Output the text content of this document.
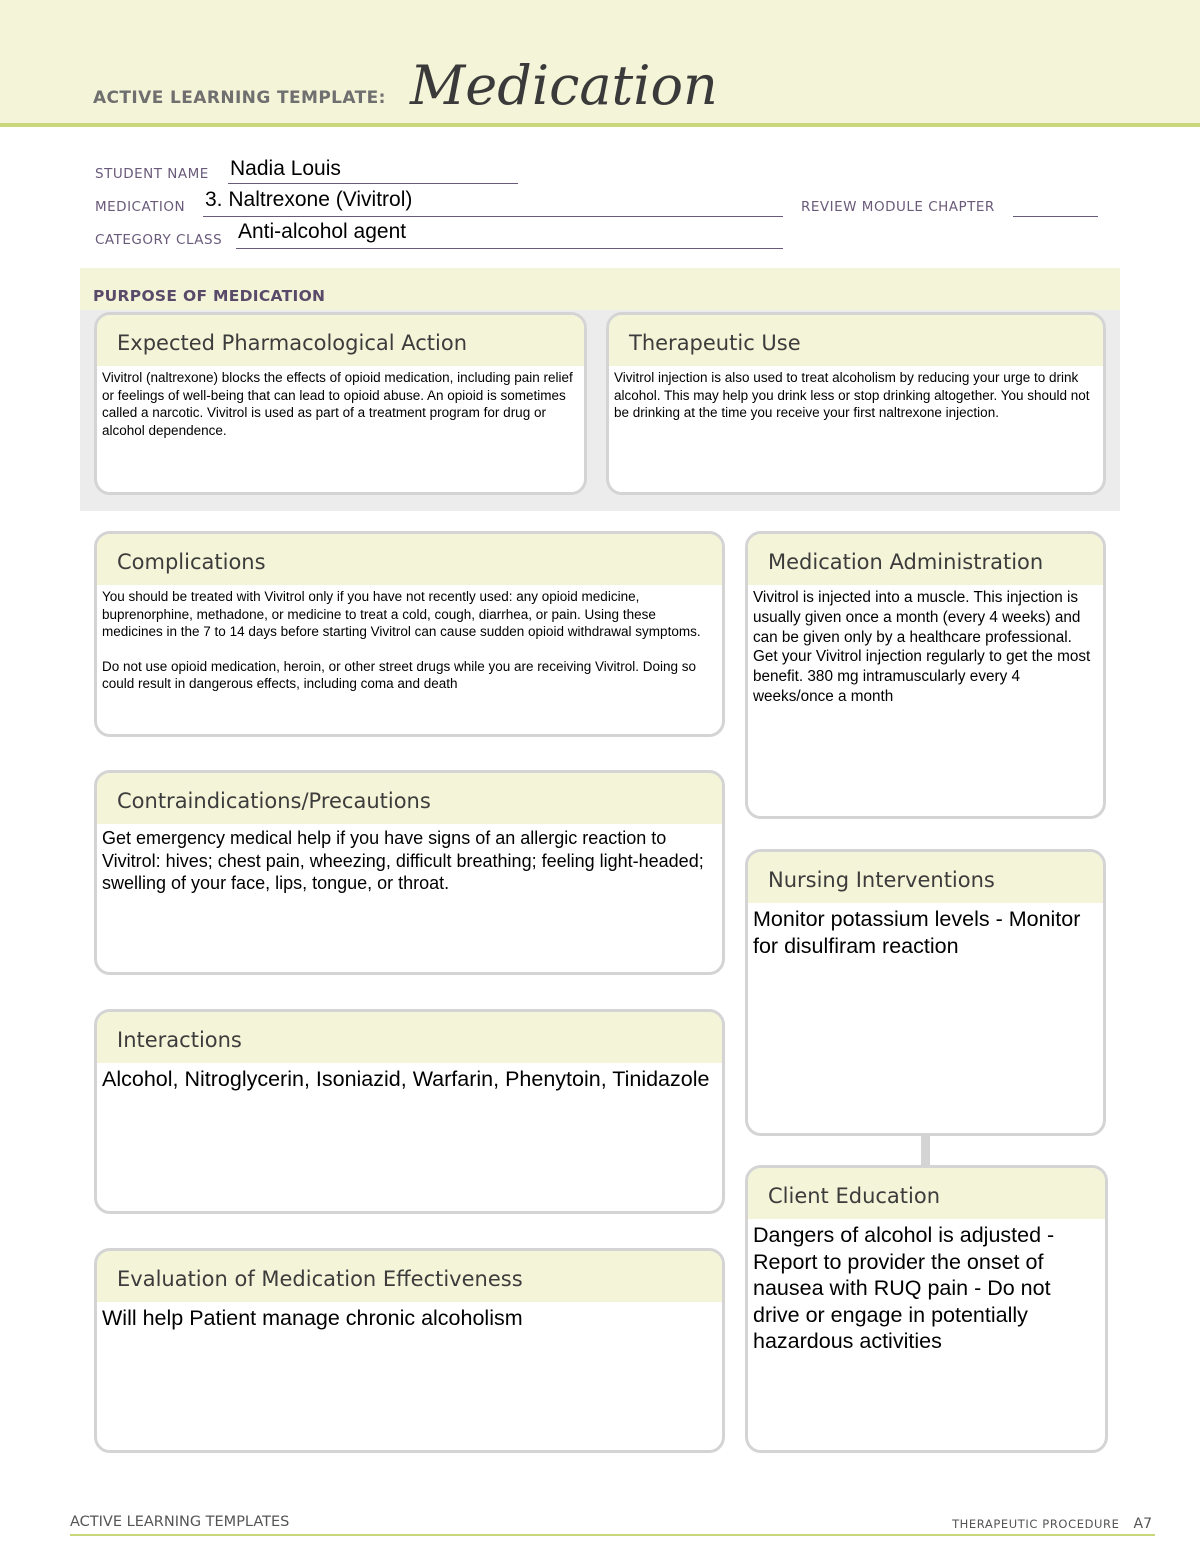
ACTIVE LEARNING TEMPLATE: Medication
STUDENT NAME Nadia Louis
MEDICATION 3. Naltrexone (Vivitrol)	REVIEW MODULE CHAPTER
CATEGORY CLASS Anti-alcohol agent
PURPOSE OF MEDICATION
Expected Pharmacological Action
Vivitrol (naltrexone) blocks the effects of opioid medication, including pain relief or feelings of well-being that can lead to opioid abuse. An opioid is sometimes called a narcotic. Vivitrol is used as part of a treatment program for drug or alcohol dependence.
Therapeutic Use
Vivitrol injection is also used to treat alcoholism by reducing your urge to drink alcohol. This may help you drink less or stop drinking altogether. You should not be drinking at the time you receive your first naltrexone injection.
Complications
You should be treated with Vivitrol only if you have not recently used: any opioid medicine, buprenorphine, methadone, or medicine to treat a cold, cough, diarrhea, or pain. Using these medicines in the 7 to 14 days before starting Vivitrol can cause sudden opioid withdrawal symptoms.
Do not use opioid medication, heroin, or other street drugs while you are receiving Vivitrol. Doing so could result in dangerous effects, including coma and death
Contraindications/Precautions
Get emergency medical help if you have signs of an allergic reaction to Vivitrol: hives; chest pain, wheezing, difficult breathing; feeling light-headed; swelling of your face, lips, tongue, or throat.
Interactions
Alcohol, Nitroglycerin, Isoniazid, Warfarin, Phenytoin, Tinidazole
Evaluation of Medication Effectiveness
Will help Patient manage chronic alcoholism
Medication Administration
Vivitrol is injected into a muscle. This injection is usually given once a month (every 4 weeks) and can be given only by a healthcare professional. Get your Vivitrol injection regularly to get the most benefit. 380 mg intramuscularly every 4 weeks/once a month
Nursing Interventions
Monitor potassium levels - Monitor for disulfiram reaction
Client Education
Dangers of alcohol is adjusted - Report to provider the onset of nausea with RUQ pain - Do not drive or engage in potentially hazardous activities
ACTIVE LEARNING TEMPLATES	THERAPEUTIC PROCEDURE A7
